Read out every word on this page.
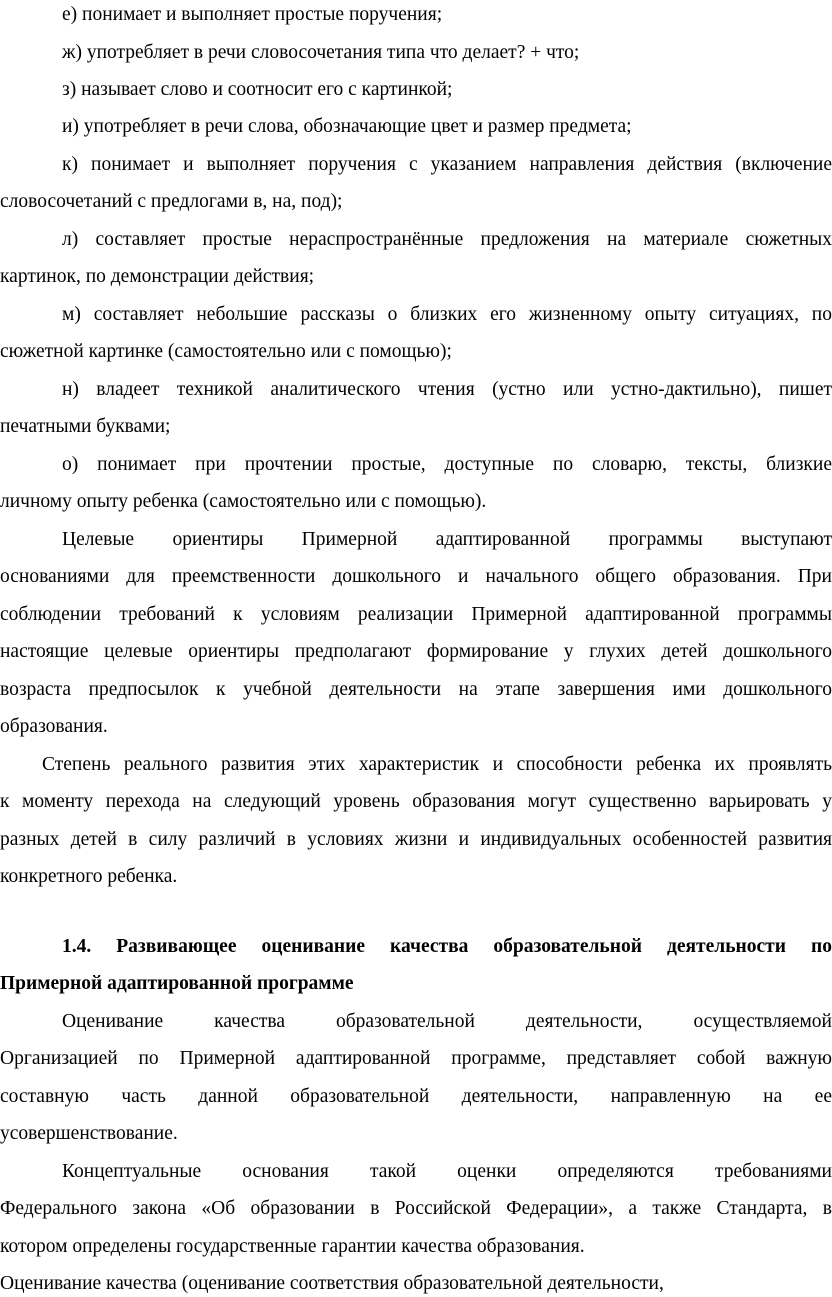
е) понимает и выполняет простые поручения;
ж) употребляет в речи словосочетания типа что делает? + что;
з) называет слово и соотносит его с картинкой;
и) употребляет в речи слова, обозначающие цвет и размер предмета;
к) понимает и выполняет поручения с указанием направления действия (включение
словосочетаний с предлогами в, на, под);
л) составляет простые нераспространённые предложения на материале сюжетных
картинок, по демонстрации действия;
м) составляет небольшие рассказы о близких его жизненному опыту ситуациях, по
сюжетной картинке (самостоятельно или с помощью);
н) владеет техникой аналитического чтения (устно или устно-дактильно), пишет
печатными буквами;
о) понимает при прочтении простые, доступные по словарю, тексты, близкие
личному опыту ребенка (самостоятельно или с помощью).
Целевые ориентиры Примерной адаптированной программы выступают
основаниями для преемственности дошкольного и начального общего образования. При
соблюдении требований к условиям реализации Примерной адаптированной программы
настоящие целевые ориентиры предполагают формирование у глухих детей дошкольного
возраста предпосылок к учебной деятельности на этапе завершения ими дошкольного
образования.
Степень реального развития этих характеристик и способности ребенка их проявлять
к моменту перехода на следующий уровень образования могут существенно варьировать у
разных детей в силу различий в условиях жизни и индивидуальных особенностей развития
конкретного ребенка.
1.4. Развивающее оценивание качества образовательной деятельности по
Примерной адаптированной программе
Оценивание качества образовательной деятельности, осуществляемой
Организацией по Примерной адаптированной программе, представляет собой важную
составную часть данной образовательной деятельности, направленную на ее
усовершенствование.
Концептуальные основания такой оценки определяются требованиями
Федерального закона «Об образовании в Российской Федерации», а также Стандарта, в
котором определены государственные гарантии качества образования.
Оценивание качества (оценивание соответствия образовательной деятельности,
